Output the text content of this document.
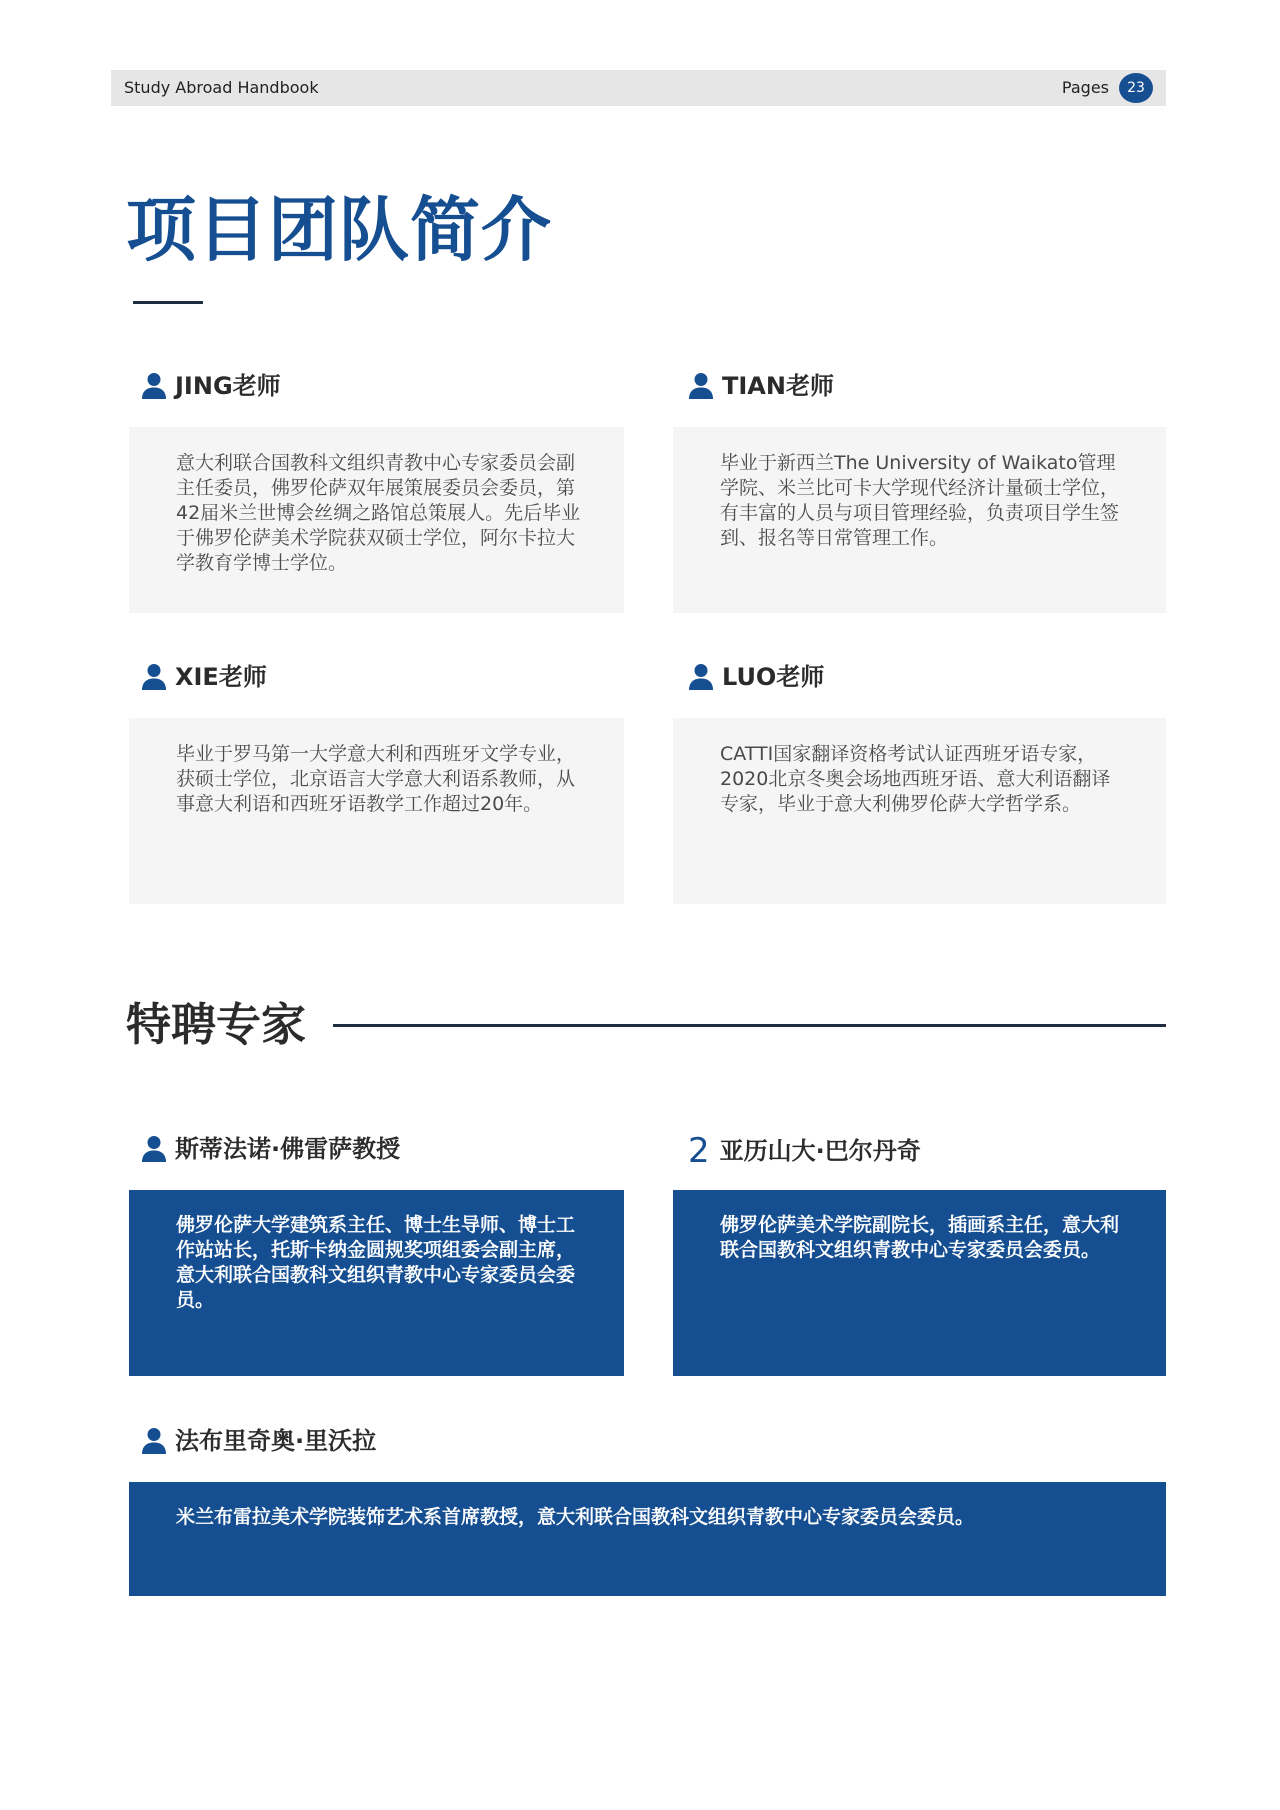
Study Abroad Handbook	Pages	23
项目团队简介
JING老师
意大利联合国教科文组织青教中心专家委员会副主任委员，佛罗伦萨双年展策展委员会委员，第42届米兰世博会丝绸之路馆总策展人。先后毕业于佛罗伦萨美术学院获双硕士学位，阿尔卡拉大学教育学博士学位。
TIAN老师
毕业于新西兰The University of Waikato管理学院、米兰比可卡大学现代经济计量硕士学位，有丰富的人员与项目管理经验，负责项目学生签到、报名等日常管理工作。
XIE老师
毕业于罗马第一大学意大利和西班牙文学专业，获硕士学位，北京语言大学意大利语系教师，从事意大利语和西班牙语教学工作超过20年。
LUO老师
CATTI国家翻译资格考试认证西班牙语专家，2020北京冬奥会场地西班牙语、意大利语翻译专家，毕业于意大利佛罗伦萨大学哲学系。
特聘专家
斯蒂法诺·佛雷萨教授
佛罗伦萨大学建筑系主任、博士生导师、博士工作站站长，托斯卡纳金圆规奖项组委会副主席，意大利联合国教科文组织青教中心专家委员会委员。
2 亚历山大·巴尔丹奇
佛罗伦萨美术学院副院长，插画系主任，意大利联合国教科文组织青教中心专家委员会委员。
法布里奇奥·里沃拉
米兰布雷拉美术学院装饰艺术系首席教授，意大利联合国教科文组织青教中心专家委员会委员。
